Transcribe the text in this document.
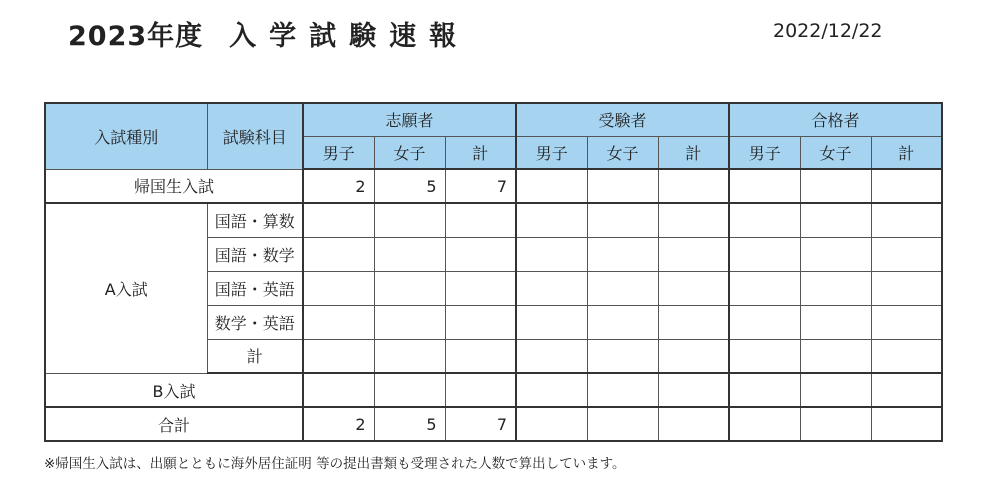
2023年度 入学試験速報	2022/12/22
入試種別	試験科目	志願者			受験者			合格者		
		男子	女子	計	男子	女子	計	男子	女子	計
帰国生入試		2	5	7						
A入試	国語・算数									
	国語・数学									
	国語・英語									
	数学・英語									
	計									
B入試										
合計		2	5	7						
※帰国生入試は、出願とともに海外居住証明 等の提出書類も受理された人数で算出しています。
